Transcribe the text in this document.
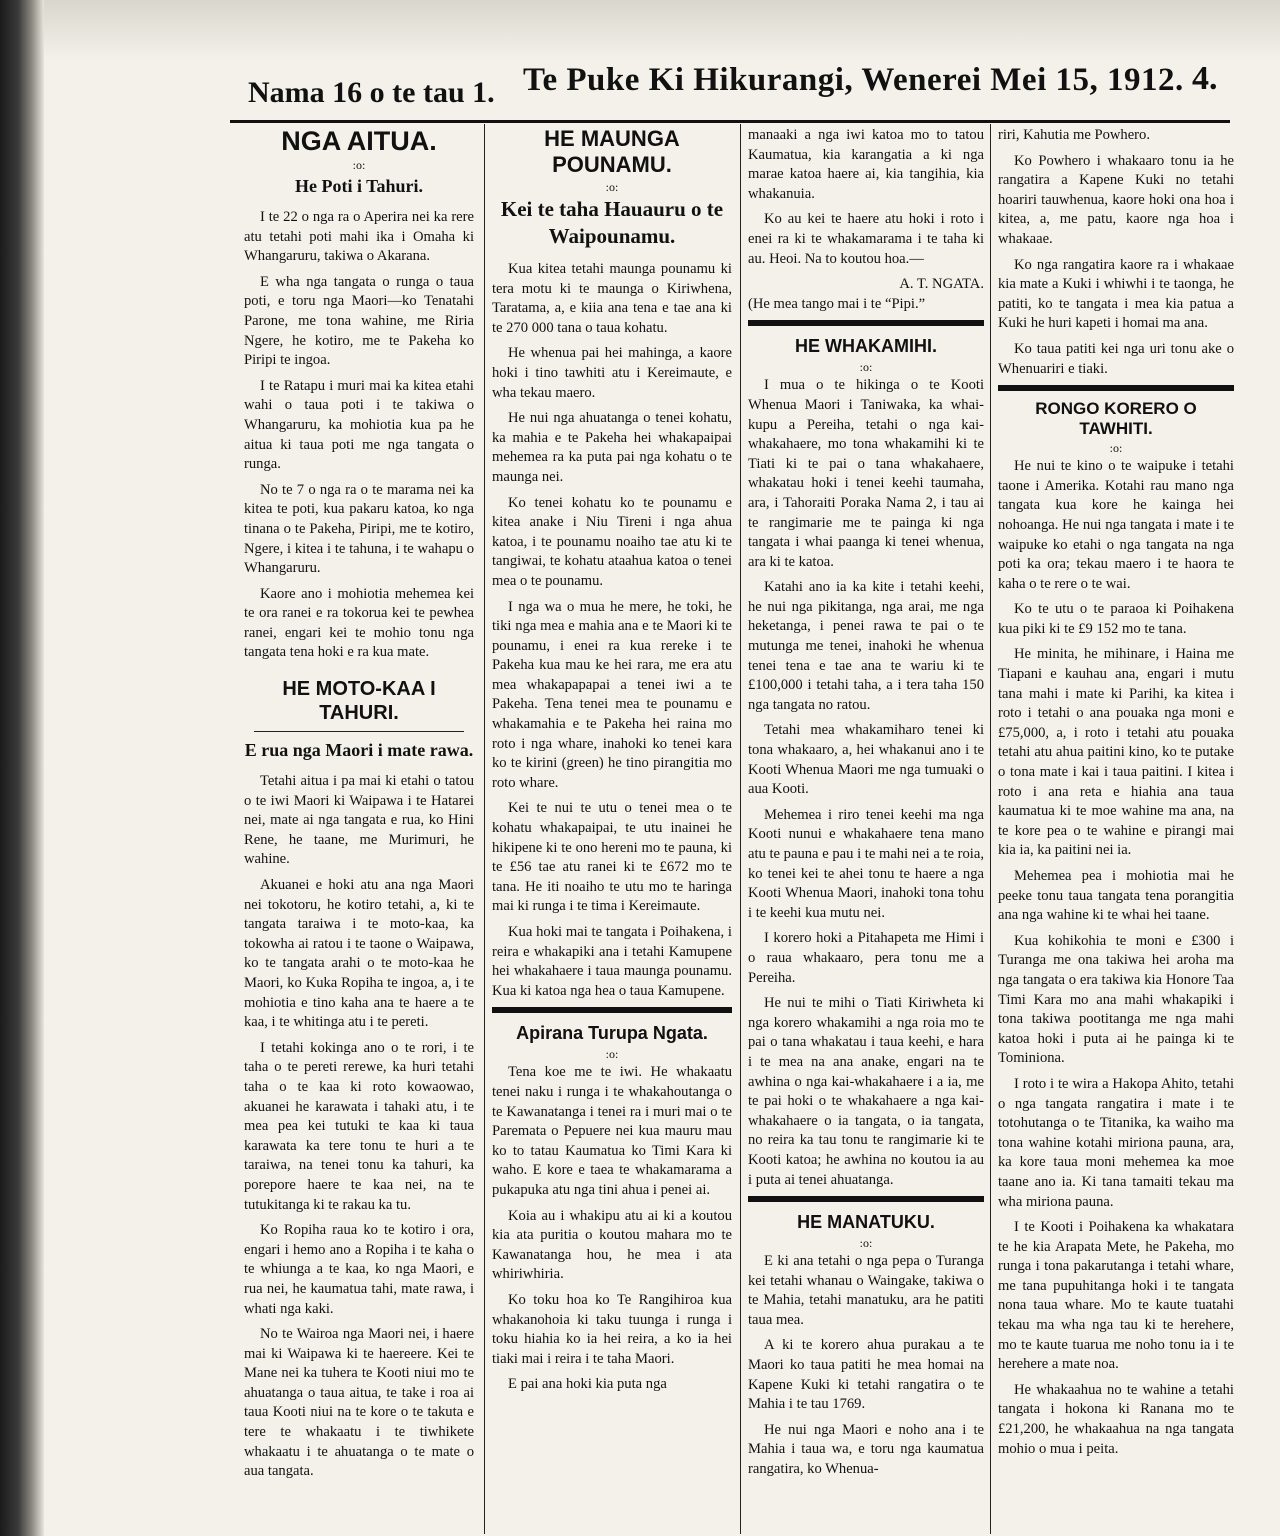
Nama 16 o te tau 1. Te Puke Ki Hikurangi, Wenerei Mei 15, 1912. 4.
NGA AITUA.
:o:
He Poti i Tahuri.

I te 22 o nga ra o Aperira nei ka rere atu tetahi poti mahi ika i Omaha ki Whangaruru, takiwa o Akarana.

E wha nga tangata o runga o taua poti, e toru nga Maori—ko Tenatahi Parone, me tona wahine, me Riria Ngere, he kotiro, me te Pakeha ko Piripi te ingoa.

I te Ratapu i muri mai ka kitea etahi wahi o taua poti i te takiwa o Whangaruru, ka mohiotia kua pa he aitua ki taua poti me nga tangata o runga.

No te 7 o nga ra o te marama nei ka kitea te poti, kua pakaru katoa, ko nga tinana o te Pakeha, Piripi, me te kotiro, Ngere, i kitea i te tahuna, i te wahapu o Whangaruru.

Kaore ano i mohiotia mehemea kei te ora ranei e ra tokorua kei te pewhea ranei, engari kei te mohio tonu nga tangata tena hoki e ra kua mate.

HE MOTO-KAA I TAHURI.
E rua nga Maori i mate rawa.

Tetahi aitua i pa mai ki etahi o tatou o te iwi Maori ki Waipawa i te Hatarei nei, mate ai nga tangata e rua, ko Hini Rene, he taane, me Murimuri, he wahine.

Akuanei e hoki atu ana nga Maori nei tokotoru, he kotiro tetahi, a, ki te tangata taraiwa i te moto-kaa, ka tokowha ai ratou i te taone o Waipawa, ko te tangata arahi o te moto-kaa he Maori, ko Kuka Ropiha te ingoa, a, i te mohiotia e tino kaha ana te haere a te kaa, i te whitinga atu i te pereti.

I tetahi kokinga ano o te rori, i te taha o te pereti rerewe, ka huri tetahi taha o te kaa ki roto kowaowao, akuanei he karawata i tahaki atu, i te mea pea kei tutuki te kaa ki taua karawata ka tere tonu te huri a te taraiwa, na tenei tonu ka tahuri, ka porepore haere te kaa nei, na te tutukitanga ki te rakau ka tu.

Ko Ropiha raua ko te kotiro i ora, engari i hemo ano a Ropiha i te kaha o te whiunga a te kaa, ko nga Maori, e rua nei, he kaumatua tahi, mate rawa, i whati nga kaki.

No te Wairoa nga Maori nei, i haere mai ki Waipawa ki te haereere. Kei te Mane nei ka tuhera te Kooti niui mo te ahuatanga o taua aitua, te take i roa ai taua Kooti niui na te kore o te takuta e tere te whakaatu i te tiwhikete whakaatu i te ahuatanga o te mate o aua tangata.

HE MAUNGA POUNAMU.
:o:
Kei te taha Hauauru o te Waipounamu.

Kua kitea tetahi maunga pounamu ki tera motu ki te maunga o Kiriwhena, Taratama, a, e kiia ana tena e tae ana ki te 270 000 tana o taua kohatu.

He whenua pai hei mahinga, a kaore hoki i tino tawhiti atu i Kereimaute, e wha tekau maero.

He nui nga ahuatanga o tenei kohatu, ka mahia e te Pakeha hei whakapaipai mehemea ra ka puta pai nga kohatu o te maunga nei.

Ko tenei kohatu ko te pounamu e kitea anake i Niu Tireni i nga ahua katoa, i te pounamu noaiho tae atu ki te tangiwai, te kohatu ataahua katoa o tenei mea o te pounamu.

I nga wa o mua he mere, he toki, he tiki nga mea e mahia ana e te Maori ki te pounamu, i enei ra kua rereke i te Pakeha kua mau ke hei rara, me era atu mea whakapapapai a tenei iwi a te Pakeha. Tena tenei mea te pounamu e whakamahia e te Pakeha hei raina mo roto i nga whare, inahoki ko tenei kara ko te kirini (green) he tino pirangitia mo roto whare.

Kei te nui te utu o tenei mea o te kohatu whakapaipai, te utu inainei he hikipene ki te ono hereni mo te pauna, ki te £56 tae atu ranei ki te £672 mo te tana. He iti noaiho te utu mo te haringa mai ki runga i te tima i Kereimaute.

Kua hoki mai te tangata i Poihakena, i reira e whakapiki ana i tetahi Kamupene hei whakahaere i taua maunga pounamu. Kua ki katoa nga hea o taua Kamupene.

Apirana Turupa Ngata.
:o:

Tena koe me te iwi. He whakaatu tenei naku i runga i te whakahoutanga o te Kawanatanga i tenei ra i muri mai o te Paremata o Pepuere nei kua mauru mau ko to tatau Kaumatua ko Timi Kara ki waho. E kore e taea te whakamarama a pukapuka atu nga tini ahua i penei ai.

Koia au i whakipu atu ai ki a koutou kia ata puritia o koutou mahara mo te Kawanatanga hou, he mea i ata whiriwhiria.

Ko toku hoa ko Te Rangihiroa kua whakanohoia ki taku tuunga i runga i toku hiahia ko ia hei reira, a ko ia hei tiaki mai i reira i te taha Maori.

E pai ana hoki kia puta nga

manaaki a nga iwi katoa mo to tatou Kaumatua, kia karangatia a ki nga marae katoa haere ai, kia tangihia, kia whakanuia.

Ko au kei te haere atu hoki i roto i enei ra ki te whakamarama i te taha ki au. Heoi. Na to koutou hoa.—

A. T. NGATA.

(He mea tango mai i te “Pipi.”

HE WHAKAMIHI.
:o:

I mua o te hikinga o te Kooti Whenua Maori i Taniwaka, ka whai-kupu a Pereiha, tetahi o nga kai-whakahaere, mo tona whakamihi ki te Tiati ki te pai o tana whakahaere, whakatau hoki i tenei keehi taumaha, ara, i Tahoraiti Poraka Nama 2, i tau ai te rangimarie me te painga ki nga tangata i whai paanga ki tenei whenua, ara ki te katoa.

Katahi ano ia ka kite i tetahi keehi, he nui nga pikitanga, nga arai, me nga heketanga, i penei rawa te pai o te mutunga me tenei, inahoki he whenua tenei tena e tae ana te wariu ki te £100,000 i tetahi taha, a i tera taha 150 nga tangata no ratou.

Tetahi mea whakamiharo tenei ki tona whakaaro, a, hei whakanui ano i te Kooti Whenua Maori me nga tumuaki o aua Kooti.

Mehemea i riro tenei keehi ma nga Kooti nunui e whakahaere tena mano atu te pauna e pau i te mahi nei a te roia, ko tenei kei te ahei tonu te haere a nga Kooti Whenua Maori, inahoki tona tohu i te keehi kua mutu nei.

I korero hoki a Pitahapeta me Himi i o raua whakaaro, pera tonu me a Pereiha.

He nui te mihi o Tiati Kiriwheta ki nga korero whakamihi a nga roia mo te pai o tana whakatau i taua keehi, e hara i te mea na ana anake, engari na te awhina o nga kai-whakahaere i a ia, me te pai hoki o te whakahaere a nga kai-whakahaere o ia tangata, o ia tangata, no reira ka tau tonu te rangimarie ki te Kooti katoa; he awhina no koutou ia au i puta ai tenei ahuatanga.

HE MANATUKU.
:o:

E ki ana tetahi o nga pepa o Turanga kei tetahi whanau o Waingake, takiwa o te Mahia, tetahi manatuku, ara he patiti taua mea.

A ki te korero ahua purakau a te Maori ko taua patiti he mea homai na Kapene Kuki ki tetahi rangatira o te Mahia i te tau 1769.

He nui nga Maori e noho ana i te Mahia i taua wa, e toru nga kaumatua rangatira, ko Whenua-

riri, Kahutia me Powhero.

Ko Powhero i whakaaro tonu ia he rangatira a Kapene Kuki no tetahi hoariri tauwhenua, kaore hoki ona hoa i kitea, a, me patu, kaore nga hoa i whakaae.

Ko nga rangatira kaore ra i whakaae kia mate a Kuki i whiwhi i te taonga, he patiti, ko te tangata i mea kia patua a Kuki he huri kapeti i homai ma ana.

Ko taua patiti kei nga uri tonu ake o Whenuariri e tiaki.

RONGO KORERO O TAWHITI.
:o:

He nui te kino o te waipuke i tetahi taone i Amerika. Kotahi rau mano nga tangata kua kore he kainga hei nohoanga. He nui nga tangata i mate i te waipuke ko etahi o nga tangata na nga poti ka ora; tekau maero i te haora te kaha o te rere o te wai.

Ko te utu o te paraoa ki Poihakena kua piki ki te £9 152 mo te tana.

He minita, he mihinare, i Haina me Tiapani e kauhau ana, engari i mutu tana mahi i mate ki Parihi, ka kitea i roto i tetahi o ana pouaka nga moni e £75,000, a, i roto i tetahi atu pouaka tetahi atu ahua paitini kino, ko te putake o tona mate i kai i taua paitini. I kitea i roto i ana reta e hiahia ana taua kaumatua ki te moe wahine ma ana, na te kore pea o te wahine e pirangi mai kia ia, ka paitini nei ia.

Mehemea pea i mohiotia mai he peeke tonu taua tangata tena porangitia ana nga wahine ki te whai hei taane.

Kua kohikohia te moni e £300 i Turanga me ona takiwa hei aroha ma nga tangata o era takiwa kia Honore Taa Timi Kara mo ana mahi whakapiki i tona takiwa pootitanga me nga mahi katoa hoki i puta ai he painga ki te Tominiona.

I roto i te wira a Hakopa Ahito, tetahi o nga tangata rangatira i mate i te totohutanga o te Titanika, ka waiho ma tona wahine kotahi miriona pauna, ara, ka kore taua moni mehemea ka moe taane ano ia. Ki tana tamaiti tekau ma wha miriona pauna.

I te Kooti i Poihakena ka whakatara te he kia Arapata Mete, he Pakeha, mo runga i tona pakarutanga i tetahi whare, me tana pupuhitanga hoki i te tangata nona taua whare. Mo te kaute tuatahi tekau ma wha nga tau ki te herehere, mo te kaute tuarua me noho tonu ia i te herehere a mate noa.

He whakaahua no te wahine a tetahi tangata i hokona ki Ranana mo te £21,200, he whakaahua na nga tangata mohio o mua i peita.
